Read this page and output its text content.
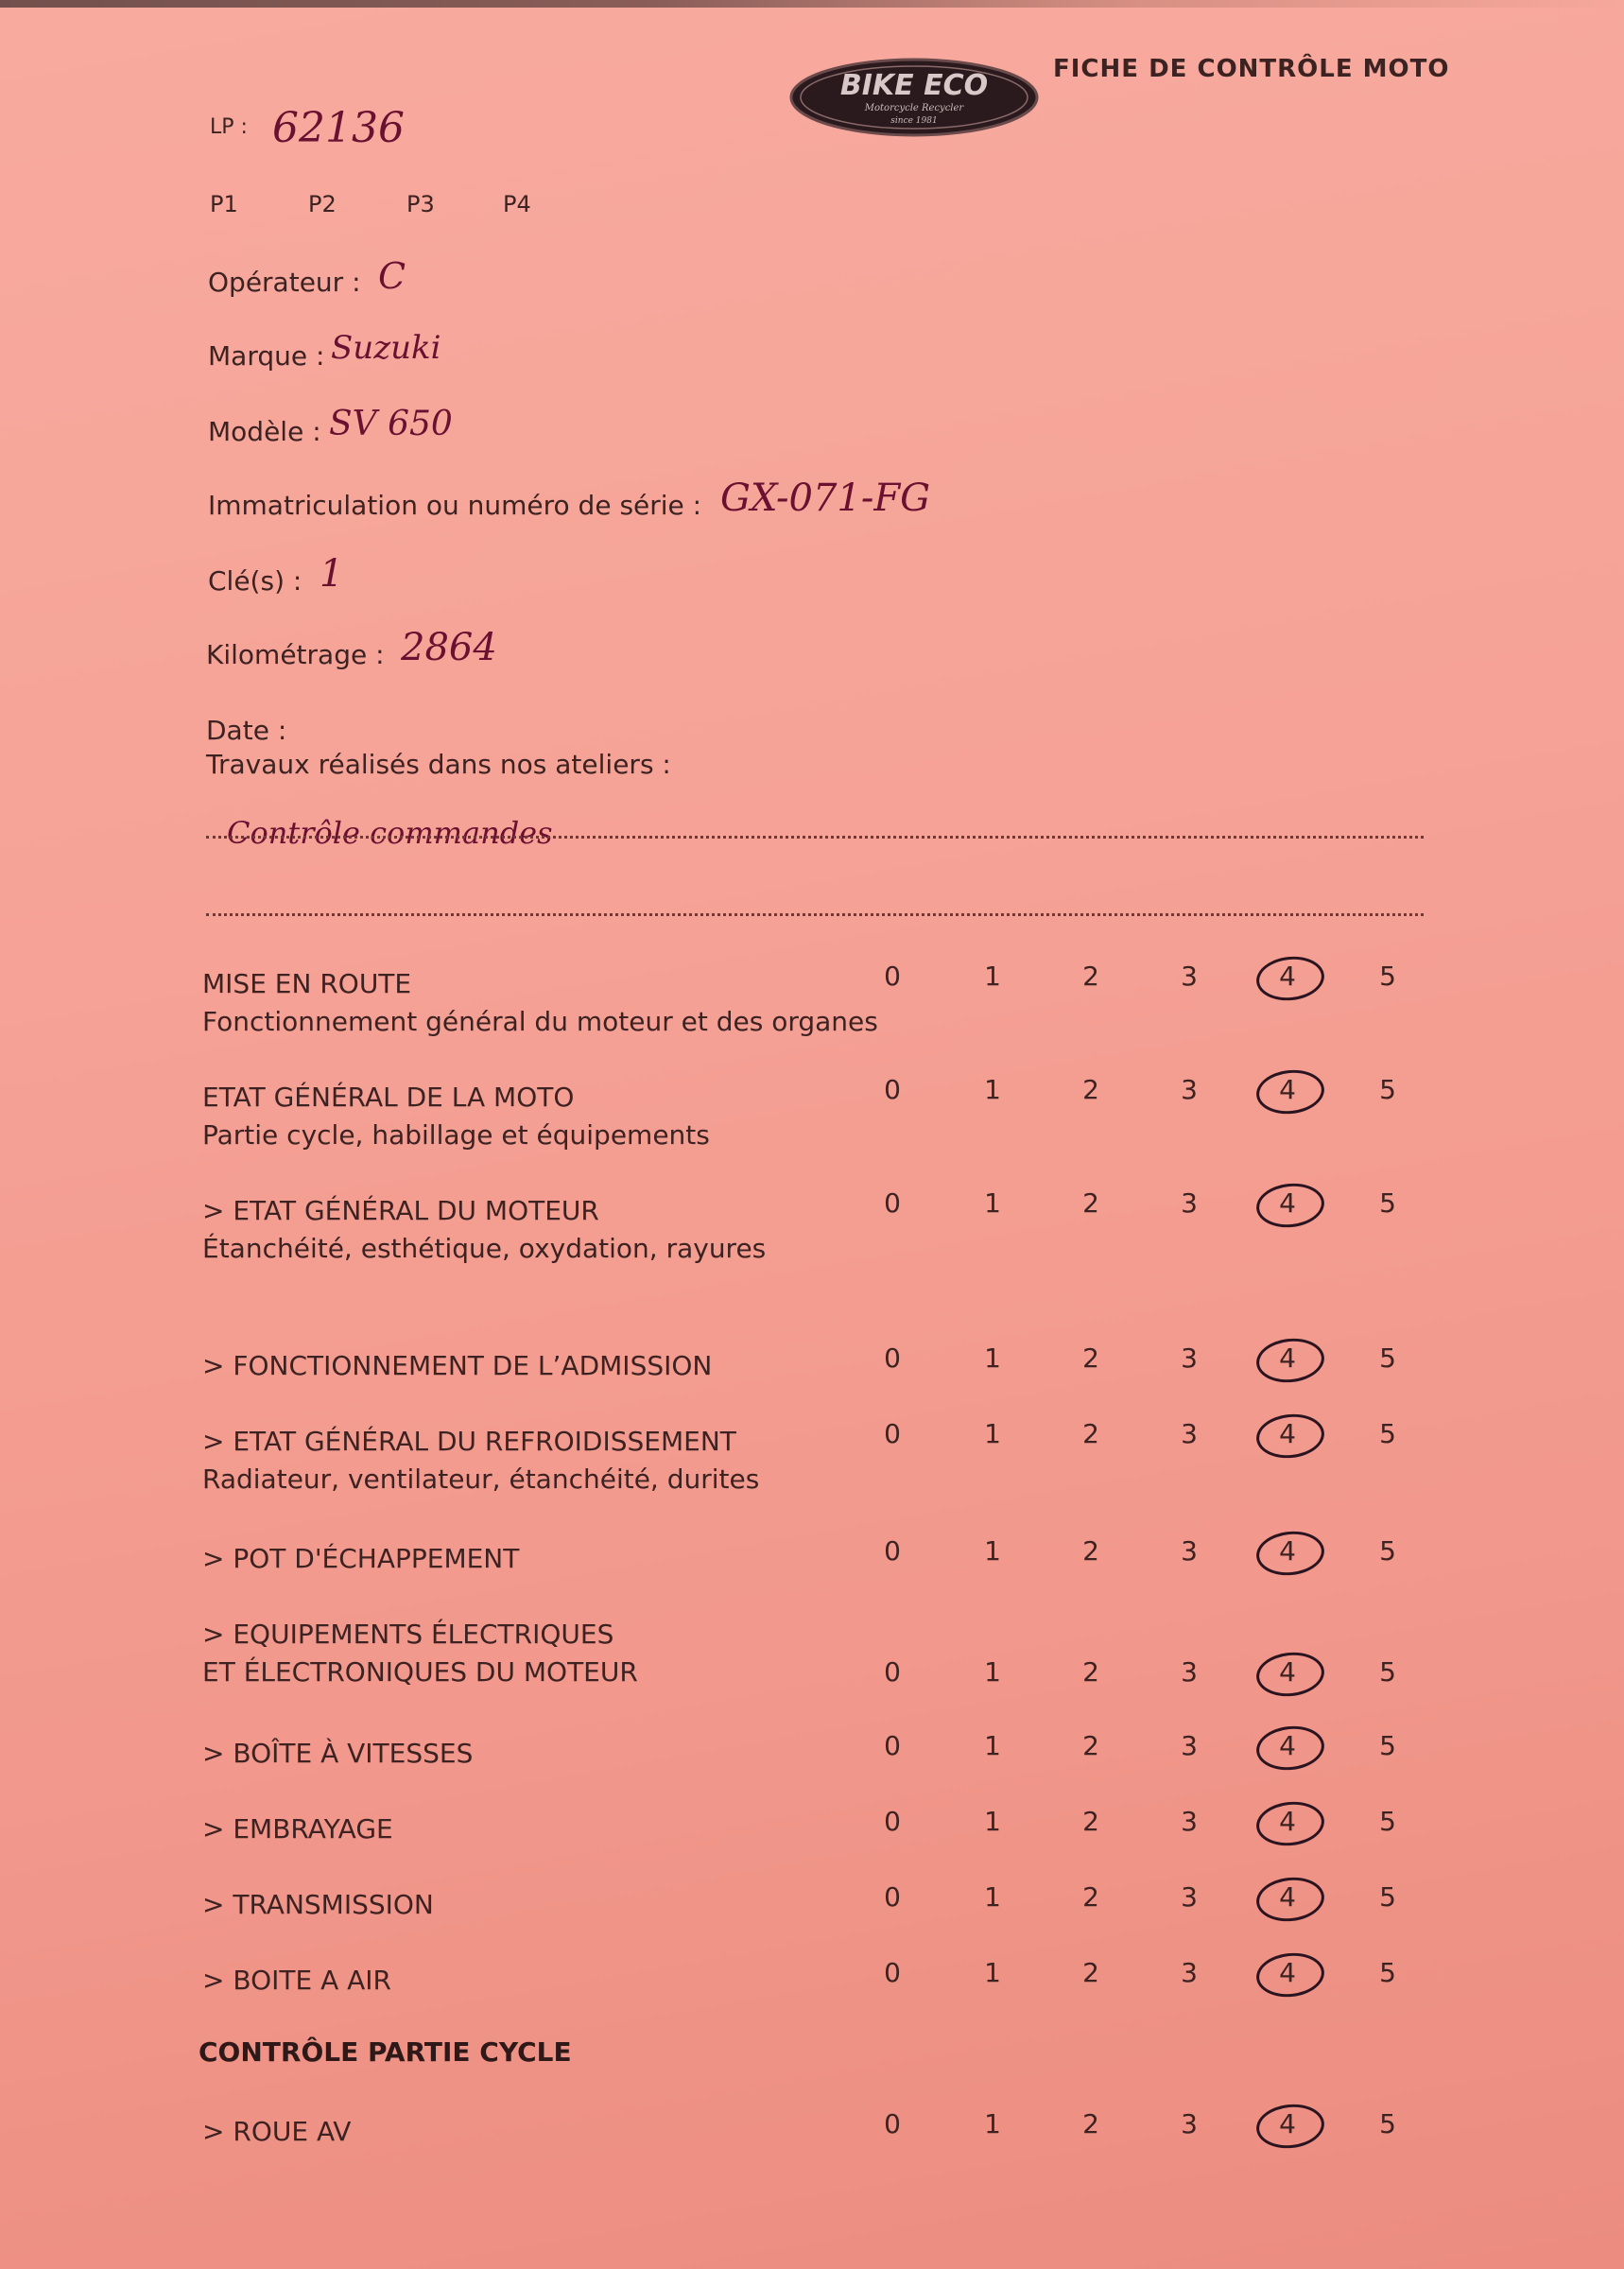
BIKE ECO
Motorcycle Recycler
since 1981
FICHE DE CONTRÔLE MOTO
LP : 62136
P1	P2	P3	P4
Opérateur : C
Marque : Suzuki
Modèle : SV 650
Immatriculation ou numéro de série : GX-071-FG
Clé(s) : 1
Kilométrage : 2864
Date :
Travaux réalisés dans nos ateliers :
Contrôle commandes
MISE EN ROUTE
Fonctionnement général du moteur et des organes
0	1	2	3	4	5
ETAT GÉNÉRAL DE LA MOTO
Partie cycle, habillage et équipements
0	1	2	3	4	5
> ETAT GÉNÉRAL DU MOTEUR
Étanchéité, esthétique, oxydation, rayures
0	1	2	3	4	5
> FONCTIONNEMENT DE L’ADMISSION	0	1	2	3	4	5
> ETAT GÉNÉRAL DU REFROIDISSEMENT
Radiateur, ventilateur, étanchéité, durites
0	1	2	3	4	5
> POT D'ÉCHAPPEMENT	0	1	2	3	4	5
> EQUIPEMENTS ÉLECTRIQUES
ET ÉLECTRONIQUES DU MOTEUR	0	1	2	3	4	5
> BOÎTE À VITESSES	0	1	2	3	4	5
> EMBRAYAGE	0	1	2	3	4	5
> TRANSMISSION	0	1	2	3	4	5
> BOITE A AIR	0	1	2	3	4	5
CONTRÔLE PARTIE CYCLE
> ROUE AV	0	1	2	3	4	5
